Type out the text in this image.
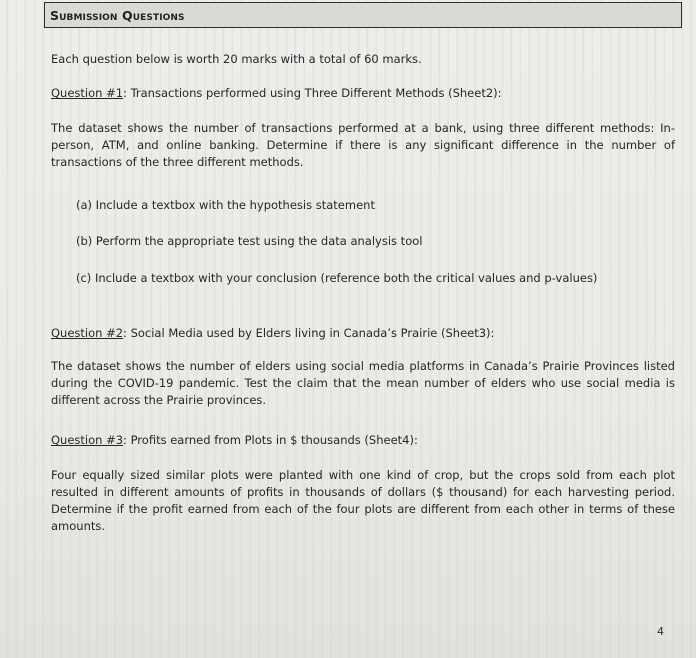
Submission Questions
Each question below is worth 20 marks with a total of 60 marks.
Question #1: Transactions performed using Three Different Methods (Sheet2):
The dataset shows the number of transactions performed at a bank, using three different methods: In-person, ATM, and online banking. Determine if there is any significant difference in the number of transactions of the three different methods.
(a) Include a textbox with the hypothesis statement
(b) Perform the appropriate test using the data analysis tool
(c) Include a textbox with your conclusion (reference both the critical values and p-values)
Question #2: Social Media used by Elders living in Canada’s Prairie (Sheet3):
The dataset shows the number of elders using social media platforms in Canada’s Prairie Provinces listed during the COVID-19 pandemic. Test the claim that the mean number of elders who use social media is different across the Prairie provinces.
Question #3: Profits earned from Plots in $ thousands (Sheet4):
Four equally sized similar plots were planted with one kind of crop, but the crops sold from each plot resulted in different amounts of profits in thousands of dollars ($ thousand) for each harvesting period. Determine if the profit earned from each of the four plots are different from each other in terms of these amounts.
4
